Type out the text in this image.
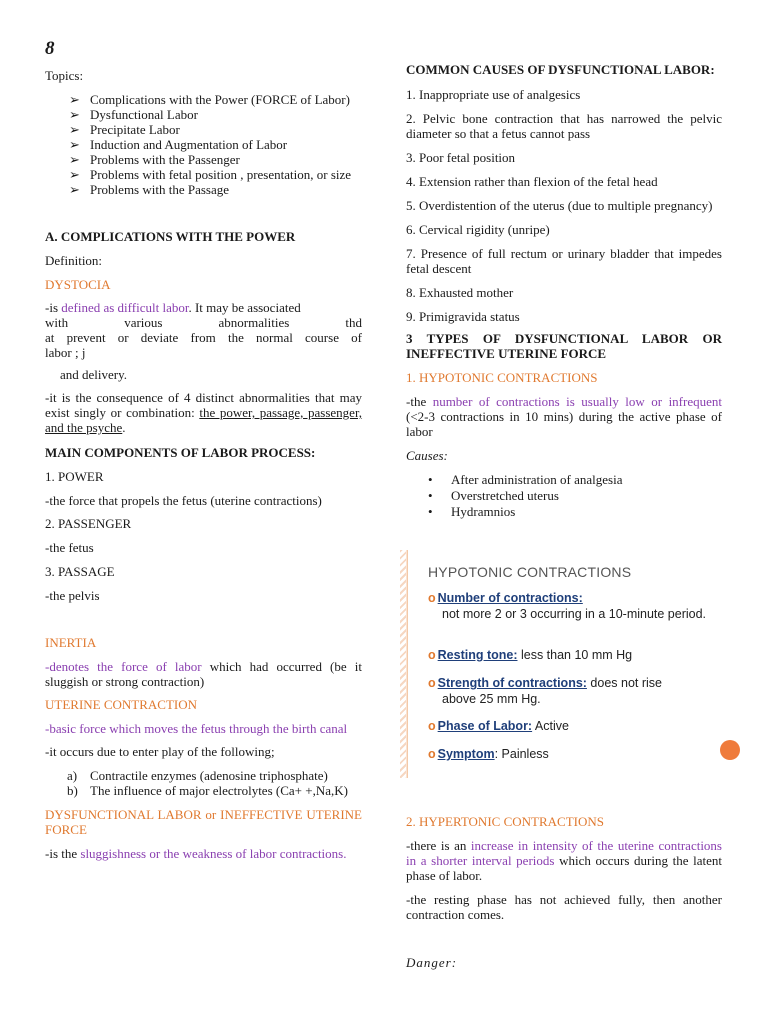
8

Topics:

➢ Complications with the Power (FORCE of Labor)
➢ Dysfunctional Labor
➢ Precipitate Labor
➢ Induction and Augmentation of Labor
➢ Problems with the Passenger
➢ Problems with fetal position , presentation, or size
➢ Problems with the Passage

A. COMPLICATIONS WITH THE POWER

Definition:

DYSTOCIA

-is defined as difficult labor. It may be associated

with various abnormalities thd

at prevent or deviate from the normal course of

labor ; j

and delivery.

-it is the consequence of 4 distinct abnormalities that may exist singly or combination: the power, passage, passenger, and the psyche.

MAIN COMPONENTS OF LABOR PROCESS:

1. POWER

-the force that propels the fetus (uterine contractions)

2. PASSENGER

-the fetus

3. PASSAGE

-the pelvis

INERTIA

-denotes the force of labor which had occurred (be it sluggish or strong contraction)

UTERINE CONTRACTION

-basic force which moves the fetus through the birth canal

-it occurs due to enter play of the following;

a) Contractile enzymes (adenosine triphosphate)
b) The influence of major electrolytes (Ca+ +,Na,K)

DYSFUNCTIONAL LABOR or INEFFECTIVE UTERINE FORCE

-is the sluggishness or the weakness of labor contractions.

COMMON CAUSES OF DYSFUNCTIONAL LABOR:

1. Inappropriate use of analgesics

2. Pelvic bone contraction that has narrowed the pelvic diameter so that a fetus cannot pass

3. Poor fetal position

4. Extension rather than flexion of the fetal head

5. Overdistention of the uterus (due to multiple pregnancy)

6. Cervical rigidity (unripe)

7. Presence of full rectum or urinary bladder that impedes fetal descent

8. Exhausted mother

9. Primigravida status

3 TYPES OF DYSFUNCTIONAL LABOR OR INEFFECTIVE UTERINE FORCE

1. HYPOTONIC CONTRACTIONS

-the number of contractions is usually low or infrequent (<2-3 contractions in 10 mins) during the active phase of labor

Causes:

• After administration of analgesia
• Overstretched uterus
• Hydramnios
HYPOTONIC CONTRACTIONS
o Number of contractions:
not more 2 or 3 occurring in a 10-minute period.
o Resting tone: less than 10 mm Hg
o Strength of contractions: does not rise
above 25 mm Hg.
o Phase of Labor: Active
o Symptom: Painless

2. HYPERTONIC CONTRACTIONS

-there is an increase in intensity of the uterine contractions in a shorter interval periods which occurs during the latent phase of labor.

-the resting phase has not achieved fully, then another contraction comes.

Danger:
